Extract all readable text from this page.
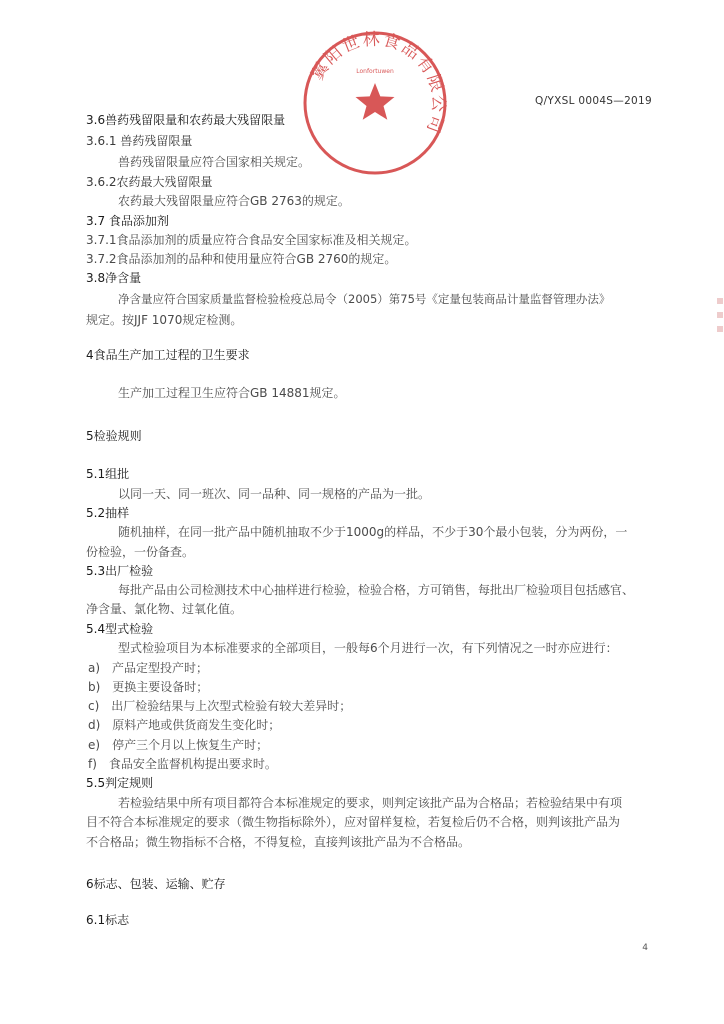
Q/YXSL 0004S—2019
翼阳世林食品有限公司
Lonfortuwen
3.6兽药残留限量和农药最大残留限量
3.6.1 兽药残留限量
兽药残留限量应符合国家相关规定。
3.6.2农药最大残留限量
农药最大残留限量应符合GB 2763的规定。
3.7 食品添加剂
3.7.1食品添加剂的质量应符合食品安全国家标准及相关规定。
3.7.2食品添加剂的品种和使用量应符合GB 2760的规定。
3.8净含量
净含量应符合国家质量监督检验检疫总局令（2005）第75号《定量包装商品计量监督管理办法》
规定。按JJF 1070规定检测。
4食品生产加工过程的卫生要求
生产加工过程卫生应符合GB 14881规定。
5检验规则
5.1组批
以同一天、同一班次、同一品种、同一规格的产品为一批。
5.2抽样
随机抽样，在同一批产品中随机抽取不少于1000g的样品，不少于30个最小包装，分为两份，一
份检验，一份备查。
5.3出厂检验
每批产品由公司检测技术中心抽样进行检验，检验合格，方可销售，每批出厂检验项目包括感官、
净含量、氯化物、过氧化值。
5.4型式检验
型式检验项目为本标准要求的全部项目，一般每6个月进行一次，有下列情况之一时亦应进行：
a)　产品定型投产时；
b)　更换主要设备时；
c)　出厂检验结果与上次型式检验有较大差异时；
d)　原料产地或供货商发生变化时；
e)　停产三个月以上恢复生产时；
f)　食品安全监督机构提出要求时。
5.5判定规则
若检验结果中所有项目都符合本标准规定的要求，则判定该批产品为合格品；若检验结果中有项
目不符合本标准规定的要求（微生物指标除外），应对留样复检，若复检后仍不合格，则判该批产品为
不合格品；微生物指标不合格，不得复检，直接判该批产品为不合格品。
6标志、包装、运输、贮存
6.1标志
4
